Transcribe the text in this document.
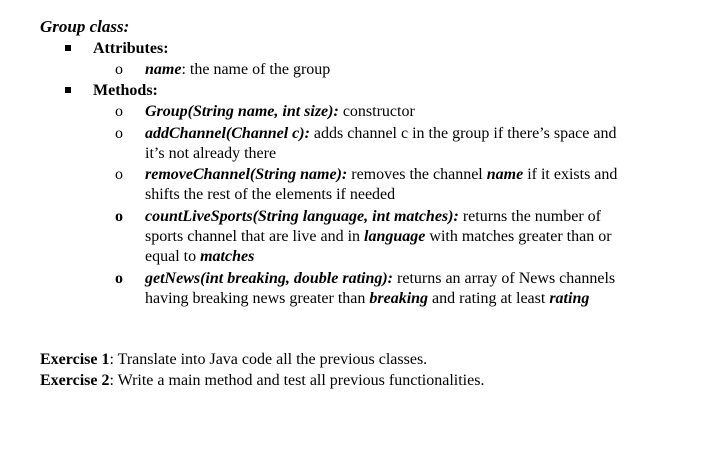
Group class:
Attributes:
o name: the name of the group
Methods:
o Group(String name, int size): constructor
o addChannel(Channel c): adds channel c in the group if there’s space and
it’s not already there
o removeChannel(String name): removes the channel name if it exists and
shifts the rest of the elements if needed
o countLiveSports(String language, int matches): returns the number of
sports channel that are live and in language with matches greater than or
equal to matches
o getNews(int breaking, double rating): returns an array of News channels
having breaking news greater than breaking and rating at least rating
Exercise 1: Translate into Java code all the previous classes.
Exercise 2: Write a main method and test all previous functionalities.
